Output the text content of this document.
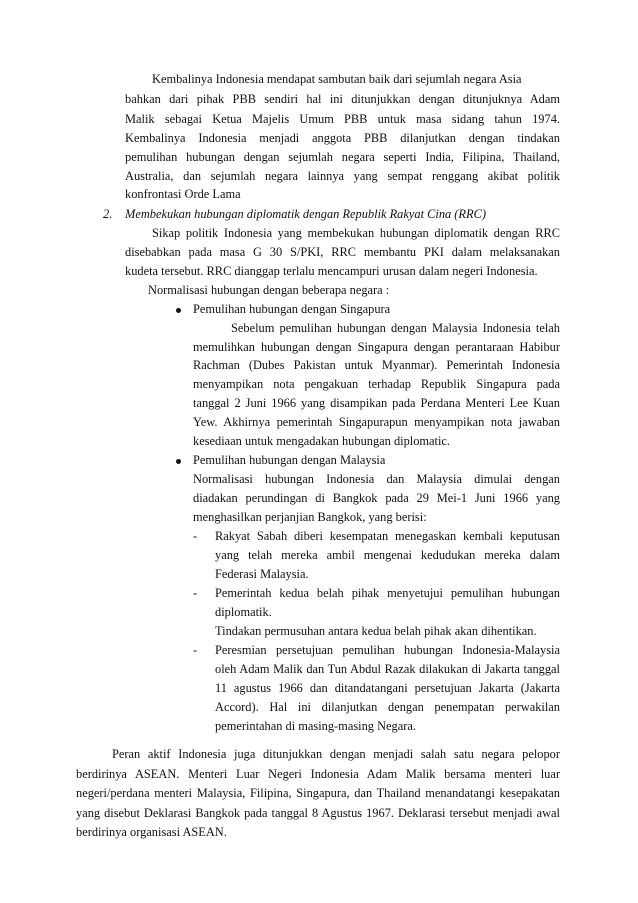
Kembalinya Indonesia mendapat sambutan baik dari sejumlah negara Asia
bahkan dari pihak PBB sendiri hal ini ditunjukkan dengan ditunjuknya Adam
Malik sebagai Ketua Majelis Umum PBB untuk masa sidang tahun 1974.
Kembalinya Indonesia menjadi anggota PBB dilanjutkan dengan tindakan
pemulihan hubungan dengan sejumlah negara seperti India, Filipina, Thailand,
Australia, dan sejumlah negara lainnya yang sempat renggang akibat politik
konfrontasi Orde Lama
2. Membekukan hubungan diplomatik dengan Republik Rakyat Cina (RRC)
Sikap politik Indonesia yang membekukan hubungan diplomatik dengan RRC
disebabkan pada masa G 30 S/PKI, RRC membantu PKI dalam melaksanakan
kudeta tersebut. RRC dianggap terlalu mencampuri urusan dalam negeri Indonesia.
Normalisasi hubungan dengan beberapa negara :
Pemulihan hubungan dengan Singapura
Sebelum pemulihan hubungan dengan Malaysia Indonesia telah
memulihkan hubungan dengan Singapura dengan perantaraan Habibur
Rachman (Dubes Pakistan untuk Myanmar). Pemerintah Indonesia
menyampikan nota pengakuan terhadap Republik Singapura pada
tanggal 2 Juni 1966 yang disampikan pada Perdana Menteri Lee Kuan
Yew. Akhirnya pemerintah Singapurapun menyampikan nota jawaban
kesediaan untuk mengadakan hubungan diplomatic.
Pemulihan hubungan dengan Malaysia
Normalisasi hubungan Indonesia dan Malaysia dimulai dengan
diadakan perundingan di Bangkok pada 29 Mei-1 Juni 1966 yang
menghasilkan perjanjian Bangkok, yang berisi:
- Rakyat Sabah diberi kesempatan menegaskan kembali keputusan
yang telah mereka ambil mengenai kedudukan mereka dalam
Federasi Malaysia.
- Pemerintah kedua belah pihak menyetujui pemulihan hubungan
diplomatik.
Tindakan permusuhan antara kedua belah pihak akan dihentikan.
- Peresmian persetujuan pemulihan hubungan Indonesia-Malaysia
oleh Adam Malik dan Tun Abdul Razak dilakukan di Jakarta tanggal
11 agustus 1966 dan ditandatangani persetujuan Jakarta (Jakarta
Accord). Hal ini dilanjutkan dengan penempatan perwakilan
pemerintahan di masing-masing Negara.
Peran aktif Indonesia juga ditunjukkan dengan menjadi salah satu negara pelopor
berdirinya ASEAN. Menteri Luar Negeri Indonesia Adam Malik bersama menteri luar
negeri/perdana menteri Malaysia, Filipina, Singapura, dan Thailand menandatangi kesepakatan
yang disebut Deklarasi Bangkok pada tanggal 8 Agustus 1967. Deklarasi tersebut menjadi awal
berdirinya organisasi ASEAN.
